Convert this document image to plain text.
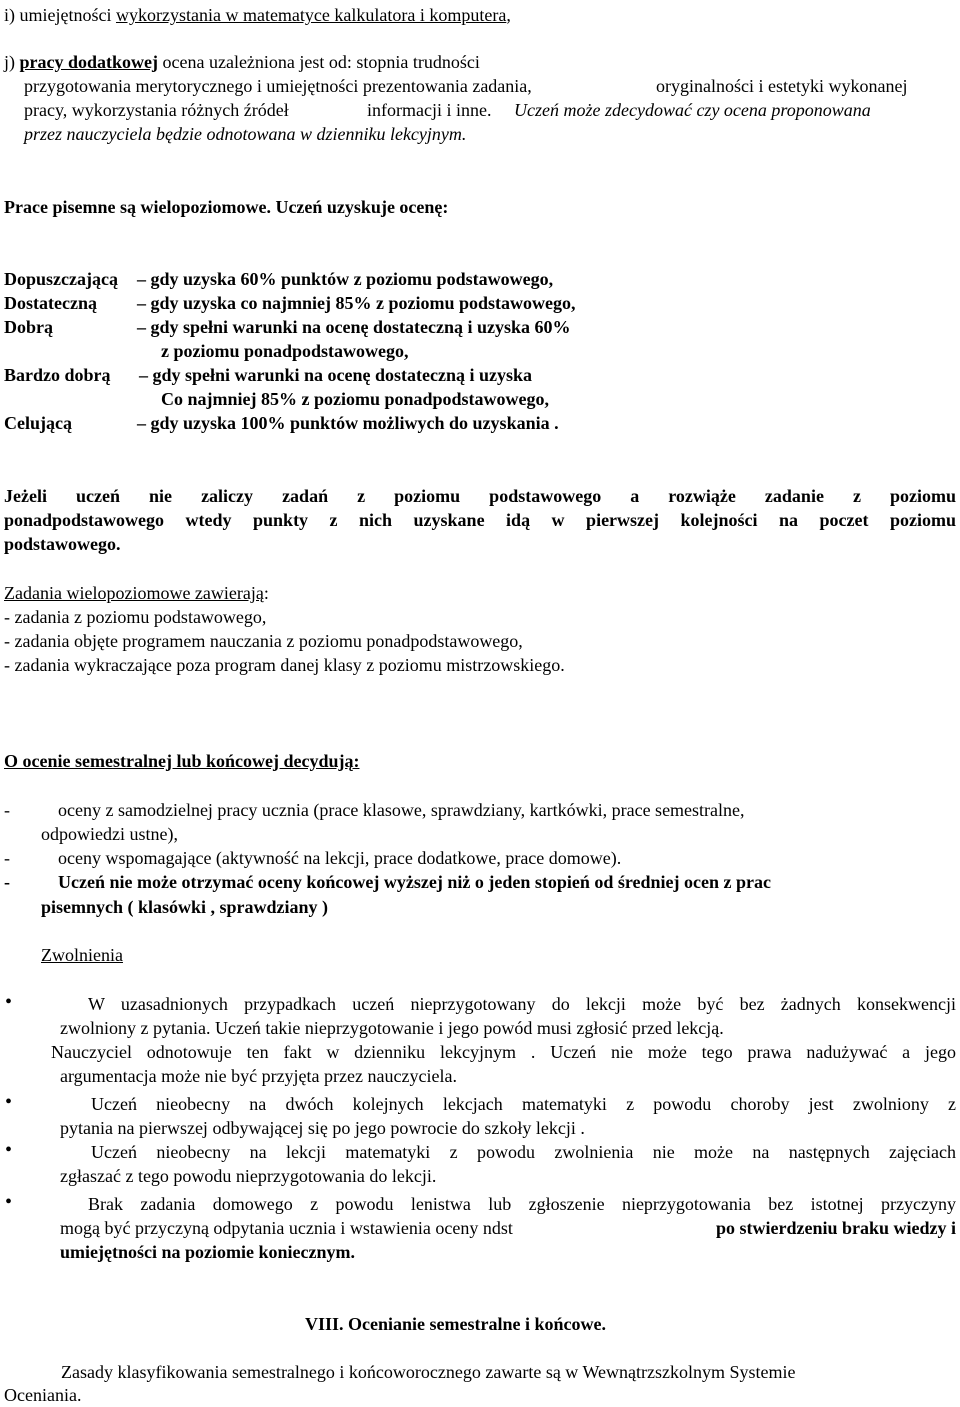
i) umiejętności wykorzystania w matematyce kalkulatora i komputera,
j) pracy dodatkowej ocena uzależniona jest od: stopnia trudności
przygotowania merytorycznego i umiejętności prezentowania zadania,	oryginalności i estetyki wykonanej
pracy, wykorzystania różnych źródeł	informacji i inne. Uczeń może zdecydować czy ocena proponowana
przez nauczyciela będzie odnotowana w dzienniku lekcyjnym.
Prace pisemne są wielopoziomowe. Uczeń uzyskuje ocenę:
Dopuszczającą – gdy uzyska 60% punktów z poziomu podstawowego,
Dostateczną – gdy uzyska co najmniej 85% z poziomu podstawowego,
Dobrą	– gdy spełni warunki na ocenę dostateczną i uzyska 60%
z poziomu ponadpodstawowego,
Bardzo dobrą – gdy spełni warunki na ocenę dostateczną i uzyska
Co najmniej 85% z poziomu ponadpodstawowego,
Celującą	– gdy uzyska 100% punktów możliwych do uzyskania .
Jeżeli uczeń nie zaliczy zadań z poziomu podstawowego a rozwiąże zadanie z poziomu
ponadpodstawowego wtedy punkty z nich uzyskane idą w pierwszej kolejności na poczet poziomu
podstawowego.
Zadania wielopoziomowe zawierają:
- zadania z poziomu podstawowego,
- zadania objęte programem nauczania z poziomu ponadpodstawowego,
- zadania wykraczające poza program danej klasy z poziomu mistrzowskiego.
O ocenie semestralnej lub końcowej decydują:
-	oceny z samodzielnej pracy ucznia (prace klasowe, sprawdziany, kartkówki, prace semestralne,
odpowiedzi ustne),
-	oceny wspomagające (aktywność na lekcji, prace dodatkowe, prace domowe).
-	Uczeń nie może otrzymać oceny końcowej wyższej niż o jeden stopień od średniej ocen z prac
pisemnych ( klasówki , sprawdziany )
Zwolnienia
•	W uzasadnionych przypadkach uczeń nieprzygotowany do lekcji może być bez żadnych konsekwencji
zwolniony z pytania. Uczeń takie nieprzygotowanie i jego powód musi zgłosić przed lekcją.
Nauczyciel odnotowuje ten fakt w dzienniku lekcyjnym . Uczeń nie może tego prawa nadużywać a jego
argumentacja może nie być przyjęta przez nauczyciela.
•	Uczeń nieobecny na dwóch kolejnych lekcjach matematyki z powodu choroby jest zwolniony z
pytania na pierwszej odbywającej się po jego powrocie do szkoły lekcji .
•	Uczeń nieobecny na lekcji matematyki z powodu zwolnienia nie może na następnych zajęciach
zgłaszać z tego powodu nieprzygotowania do lekcji.
•	Brak zadania domowego z powodu lenistwa lub zgłoszenie nieprzygotowania bez istotnej przyczyny
mogą być przyczyną odpytania ucznia i wstawienia oceny ndst	po stwierdzeniu braku wiedzy i
umiejętności na poziomie koniecznym.
VIII. Ocenianie semestralne i końcowe.
Zasady klasyfikowania semestralnego i końcoworocznego zawarte są w Wewnątrzszkolnym Systemie
Oceniania.
